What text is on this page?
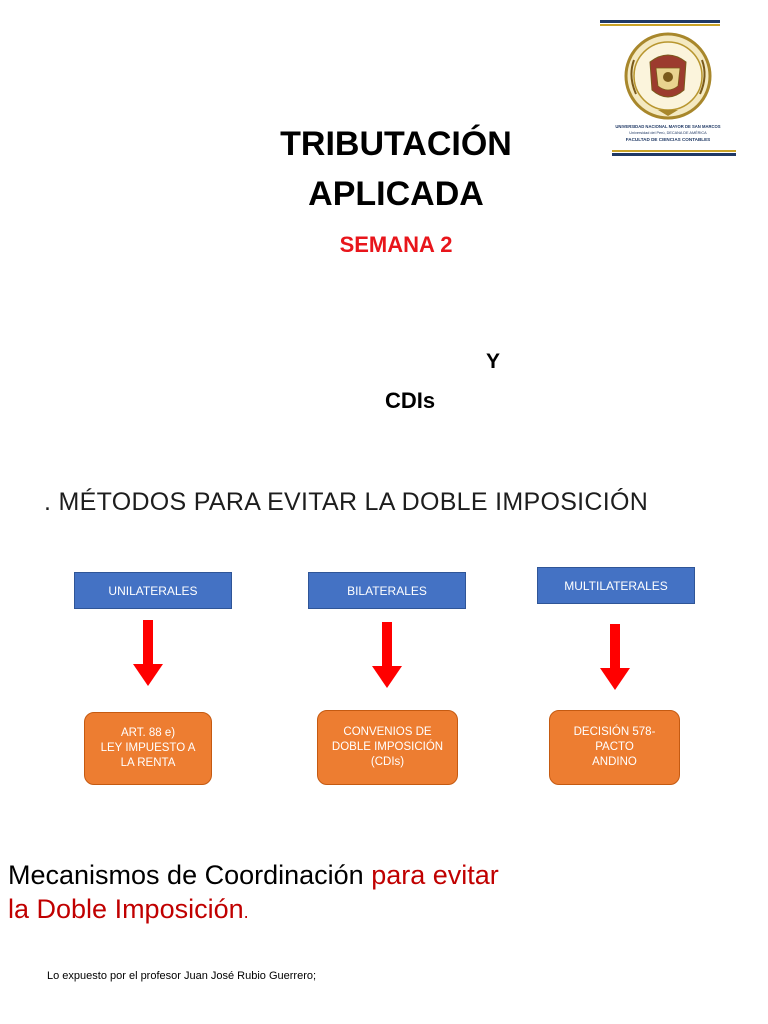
UNIVERSIDAD NACIONAL MAYOR DE SAN MARCOS
Universidad del Perú, DECANA DE AMÉRICA
FACULTAD DE CIENCIAS CONTABLES
TRIBUTACIÓN
APLICADA
SEMANA 2
Y
CDIs
. MÉTODOS PARA EVITAR LA DOBLE IMPOSICIÓN
UNILATERALES
ART. 88 e)
LEY IMPUESTO A
LA RENTA
BILATERALES
CONVENIOS DE
DOBLE IMPOSICIÓN
(CDIs)
MULTILATERALES
DECISIÓN 578-
PACTO
ANDINO
Mecanismos de Coordinación para evitar
la Doble Imposición.
Lo expuesto por el profesor Juan José Rubio Guerrero;
